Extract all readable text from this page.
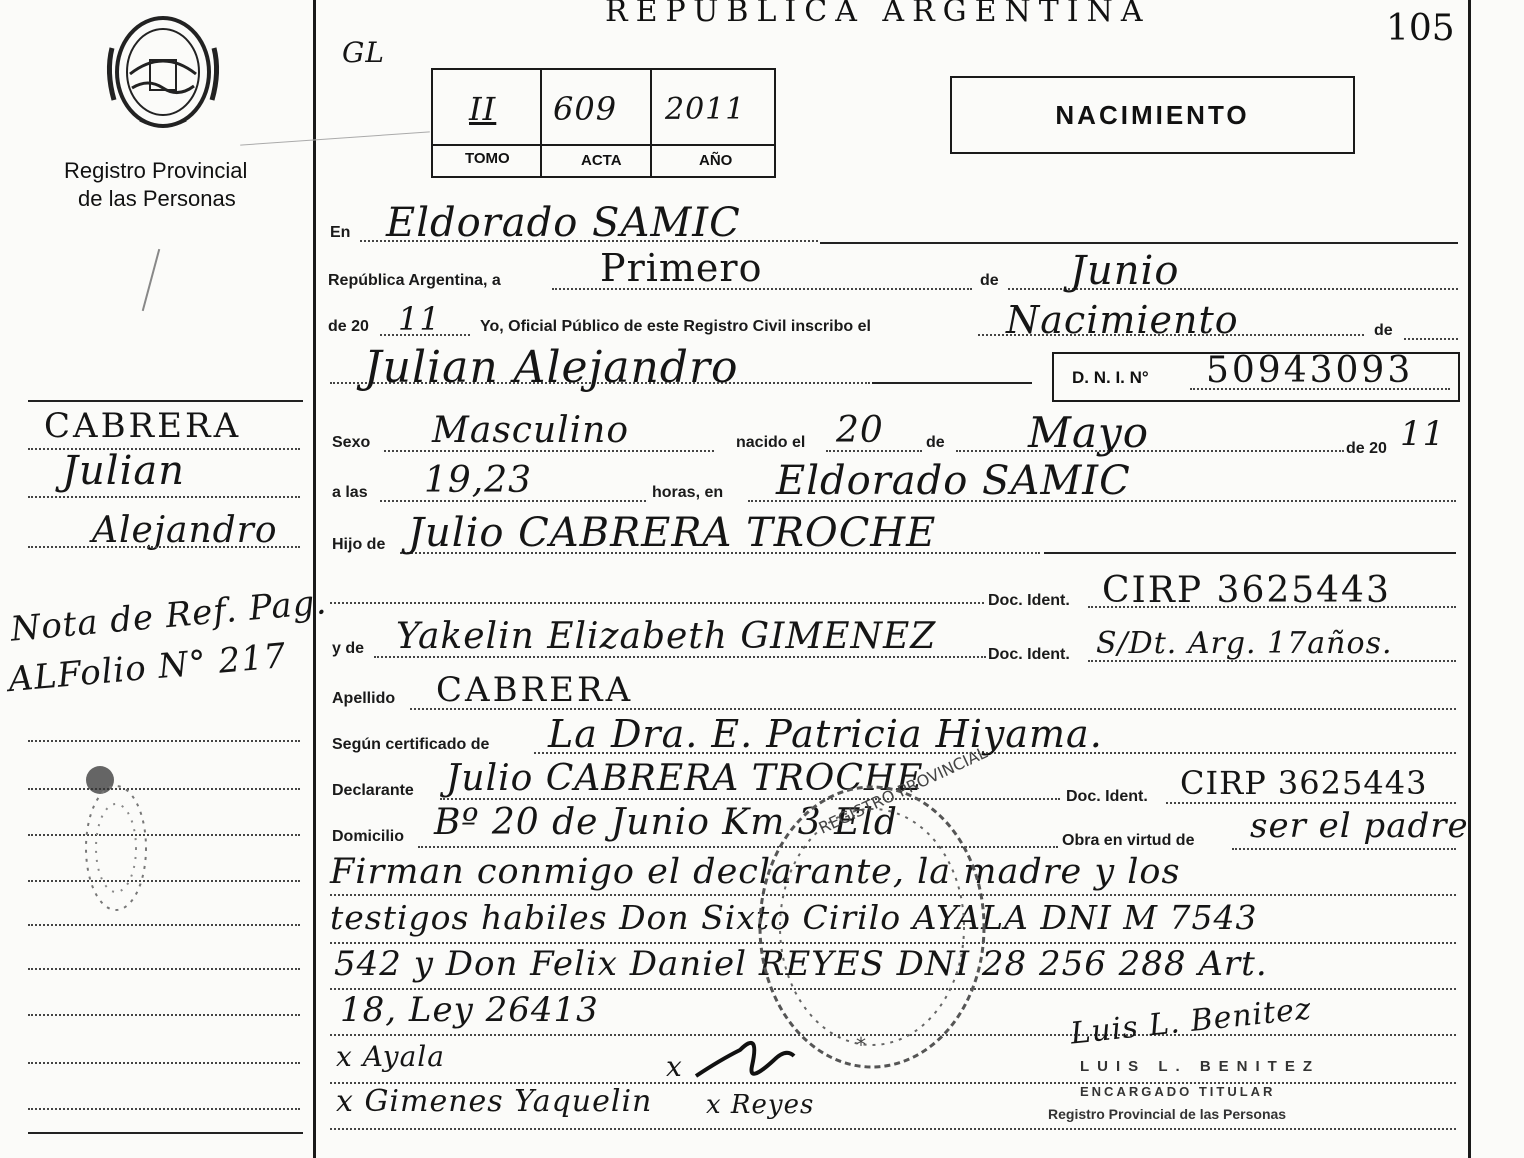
REPUBLICA ARGENTINA	105
Registro Provincial
de las Personas
GL
II 609 2011
TOMO	ACTA	AÑO
NACIMIENTO
CABRERA
Julian
Alejandro
Nota de Ref. Pag.
ALFolio N° 217
En Eldorado SAMIC
República Argentina, a	de
Primero	Junio
de 20 11 Yo, Oficial Público de este Registro Civil inscribo el	Nacimiento	de
Julian Alejandro	D. N. I. N° 50943093
Sexo Masculino	nacido el 20	de Mayo	de 20 11
a las 19,23	horas, en Eldorado SAMIC
Hijo de Julio CABRERA TROCHE
Doc. Ident. CIRP 3625443
y de Yakelin Elizabeth GIMENEZ	Doc. Ident. S/Dt. Arg. 17años.
Apellido CABRERA
Según certificado de La Dra. E. Patricia Hiyama.
Declarante Julio CABRERA TROCHE	Doc. Ident. CIRP 3625443
Domicilio Bº 20 de Junio Km 3 Eld	Obra en virtud de ser el padre
Firman conmigo el declarante, la madre y los
testigos habiles Don Sixto Cirilo AYALA DNI M 7543
542 y Don Felix Daniel REYES DNI 28 256 288 Art.
18, Ley 26413
REGISTRO PROVINCIAL
*
x Ayala	x
x Gimenes Yaquelin x Reyes
Luis L. Benitez
LUIS L. BENITEZ
ENCARGADO TITULAR
Registro Provincial de las Personas
